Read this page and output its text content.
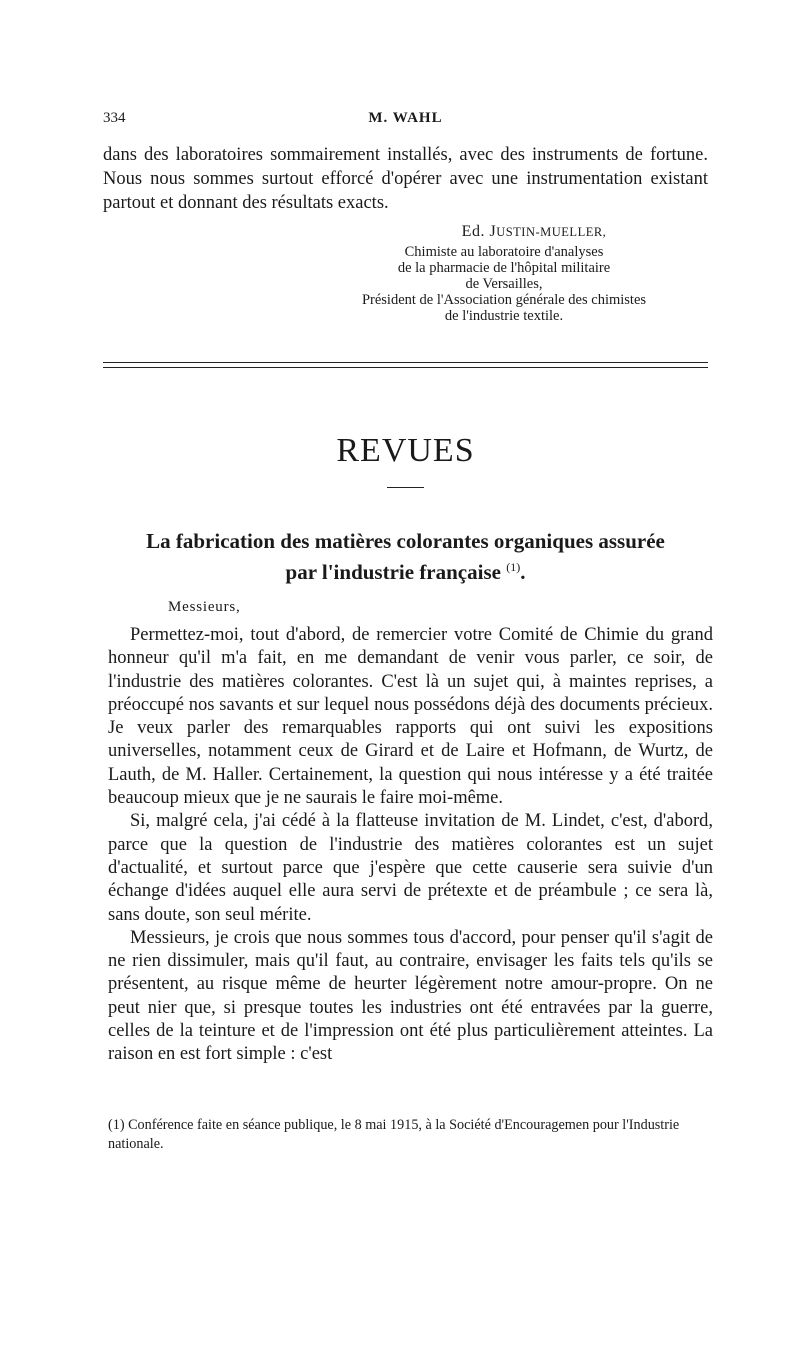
334	M. WAHL

dans des laboratoires sommairement installés, avec des instruments de fortune. Nous nous sommes surtout efforcé d'opérer avec une instrumentation existant partout et donnant des résultats exacts.

Ed. JUSTIN-MUELLER,
Chimiste au laboratoire d'analyses
de la pharmacie de l'hôpital militaire
de Versailles,
Président de l'Association générale des chimistes
de l'industrie textile.
REVUES
La fabrication des matières colorantes organiques assurée
par l'industrie française $^{(1)}$.
Messieurs,

Permettez-moi, tout d'abord, de remercier votre Comité de Chimie du grand honneur qu'il m'a fait, en me demandant de venir vous parler, ce soir, de l'industrie des matières colorantes. C'est là un sujet qui, à maintes reprises, a préoccupé nos savants et sur lequel nous possédons déjà des documents précieux. Je veux parler des remarquables rapports qui ont suivi les expositions universelles, notamment ceux de Girard et de Laire et Hofmann, de Wurtz, de Lauth, de M. Haller. Certainement, la question qui nous intéresse y a été traitée beaucoup mieux que je ne saurais le faire moi-même.

Si, malgré cela, j'ai cédé à la flatteuse invitation de M. Lindet, c'est, d'abord, parce que la question de l'industrie des matières colorantes est un sujet d'actualité, et surtout parce que j'espère que cette causerie sera suivie d'un échange d'idées auquel elle aura servi de prétexte et de préambule ; ce sera là, sans doute, son seul mérite.

Messieurs, je crois que nous sommes tous d'accord, pour penser qu'il s'agit de ne rien dissimuler, mais qu'il faut, au contraire, envisager les faits tels qu'ils se présentent, au risque même de heurter légèrement notre amour-propre. On ne peut nier que, si presque toutes les industries ont été entravées par la guerre, celles de la teinture et de l'impression ont été plus particulièrement atteintes. La raison en est fort simple : c'est

(1) Conférence faite en séance publique, le 8 mai 1915, à la Société d'Encouragemen pour l'Industrie nationale.
